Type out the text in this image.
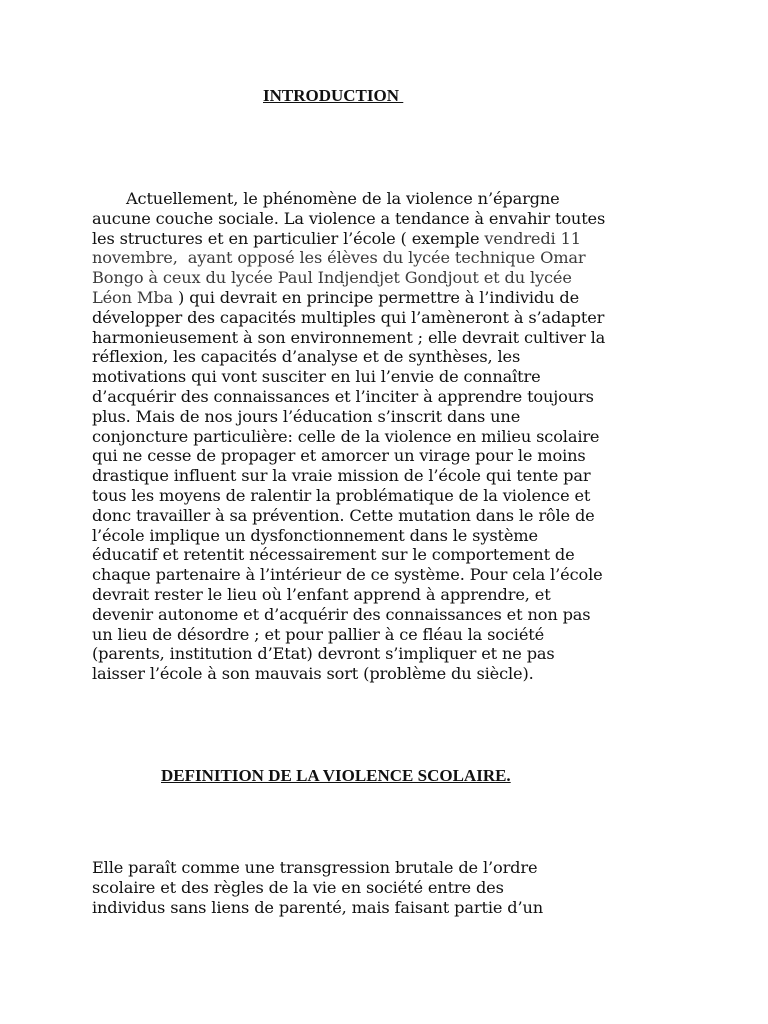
INTRODUCTION
Actuellement, le phénomène de la violence n’épargne
aucune couche sociale. La violence a tendance à envahir toutes
les structures et en particulier l’école ( exemple vendredi 11
novembre,  ayant opposé les élèves du lycée technique Omar
Bongo à ceux du lycée Paul Indjendjet Gondjout et du lycée
Léon Mba ) qui devrait en principe permettre à l’individu de
développer des capacités multiples qui l’amèneront à s’adapter
harmonieusement à son environnement ; elle devrait cultiver la
réflexion, les capacités d’analyse et de synthèses, les
motivations qui vont susciter en lui l’envie de connaître
d’acquérir des connaissances et l’inciter à apprendre toujours
plus. Mais de nos jours l’éducation s’inscrit dans une
conjoncture particulière: celle de la violence en milieu scolaire
qui ne cesse de propager et amorcer un virage pour le moins
drastique influent sur la vraie mission de l’école qui tente par
tous les moyens de ralentir la problématique de la violence et
donc travailler à sa prévention. Cette mutation dans le rôle de
l’école implique un dysfonctionnement dans le système
éducatif et retentit nécessairement sur le comportement de
chaque partenaire à l’intérieur de ce système. Pour cela l’école
devrait rester le lieu où l’enfant apprend à apprendre, et
devenir autonome et d’acquérir des connaissances et non pas
un lieu de désordre ; et pour pallier à ce fléau la société
(parents, institution d’Etat) devront s’impliquer et ne pas
laisser l’école à son mauvais sort (problème du siècle).
DEFINITION DE LA VIOLENCE SCOLAIRE.
Elle paraît comme une transgression brutale de l’ordre
scolaire et des règles de la vie en société entre des
individus sans liens de parenté, mais faisant partie d’un
